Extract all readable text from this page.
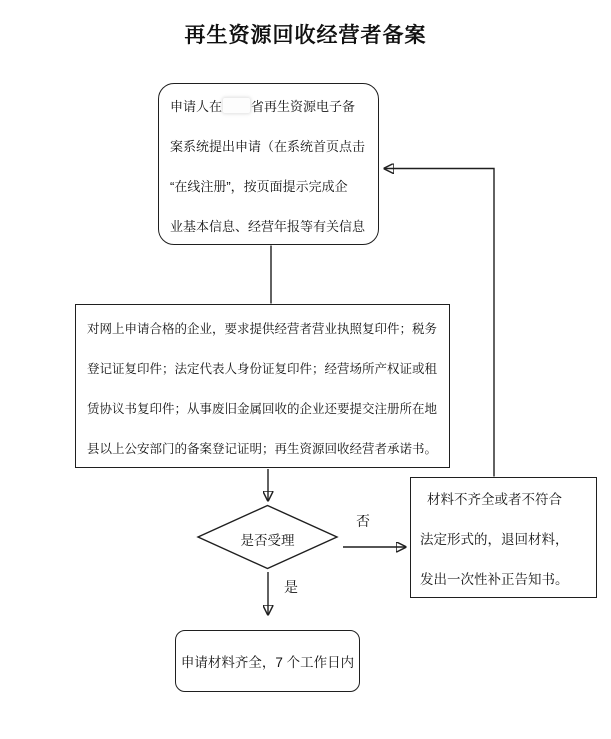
再生资源回收经营者备案
申请人在 省再生资源电子备
案系统提出申请（在系统首页点击
“在线注册”，按页面提示完成企
业基本信息、经营年报等有关信息
对网上申请合格的企业，要求提供经营者营业执照复印件；税务
登记证复印件；法定代表人身份证复印件；经营场所产权证或租
赁协议书复印件；从事废旧金属回收的企业还要提交注册所在地
县以上公安部门的备案登记证明；再生资源回收经营者承诺书。
是否受理
否
是
材料不齐全或者不符合
法定形式的，退回材料，
发出一次性补正告知书。
申请材料齐全，7 个工作日内
